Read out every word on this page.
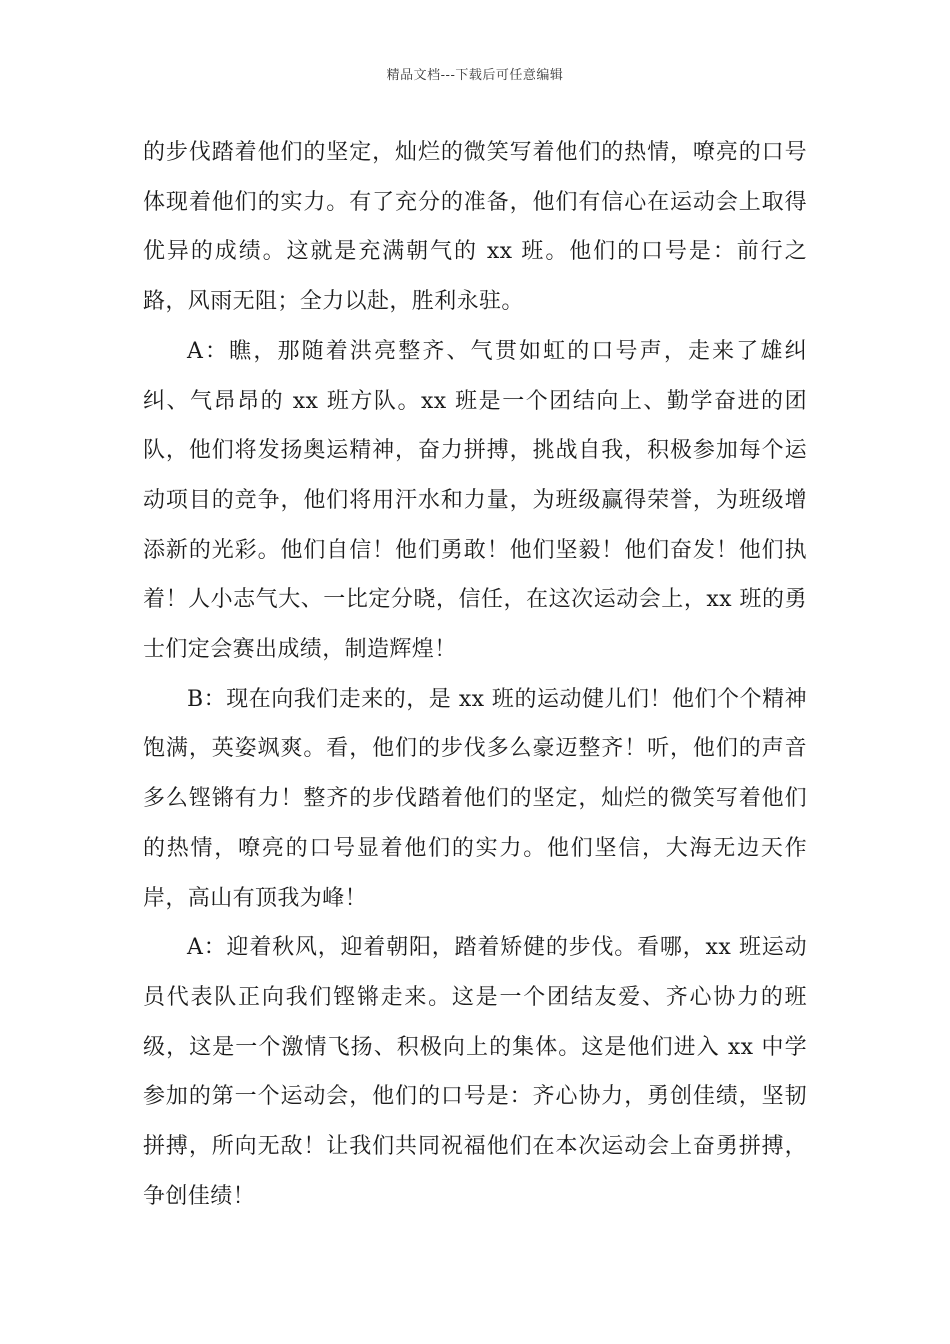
精品文档---下载后可任意编辑

的步伐踏着他们的坚定，灿烂的微笑写着他们的热情，嘹亮的口号体现着他们的实力。有了充分的准备，他们有信心在运动会上取得优异的成绩。这就是充满朝气的 xx 班。他们的口号是：前行之路，风雨无阻；全力以赴，胜利永驻。

A：瞧，那随着洪亮整齐、气贯如虹的口号声，走来了雄纠纠、气昂昂的 xx 班方队。xx 班是一个团结向上、勤学奋进的团队，他们将发扬奥运精神，奋力拼搏，挑战自我，积极参加每个运动项目的竞争，他们将用汗水和力量，为班级赢得荣誉，为班级增添新的光彩。他们自信！他们勇敢！他们坚毅！他们奋发！他们执着！人小志气大、一比定分晓，信任，在这次运动会上，xx 班的勇士们定会赛出成绩，制造辉煌！

B：现在向我们走来的，是 xx 班的运动健儿们！他们个个精神饱满，英姿飒爽。看，他们的步伐多么豪迈整齐！听，他们的声音多么铿锵有力！整齐的步伐踏着他们的坚定，灿烂的微笑写着他们的热情，嘹亮的口号显着他们的实力。他们坚信，大海无边天作岸，高山有顶我为峰！

A：迎着秋风，迎着朝阳，踏着矫健的步伐。看哪，xx 班运动员代表队正向我们铿锵走来。这是一个团结友爱、齐心协力的班级，这是一个激情飞扬、积极向上的集体。这是他们进入 xx 中学参加的第一个运动会，他们的口号是：齐心协力，勇创佳绩，坚韧拼搏，所向无敌！让我们共同祝福他们在本次运动会上奋勇拼搏，争创佳绩！
